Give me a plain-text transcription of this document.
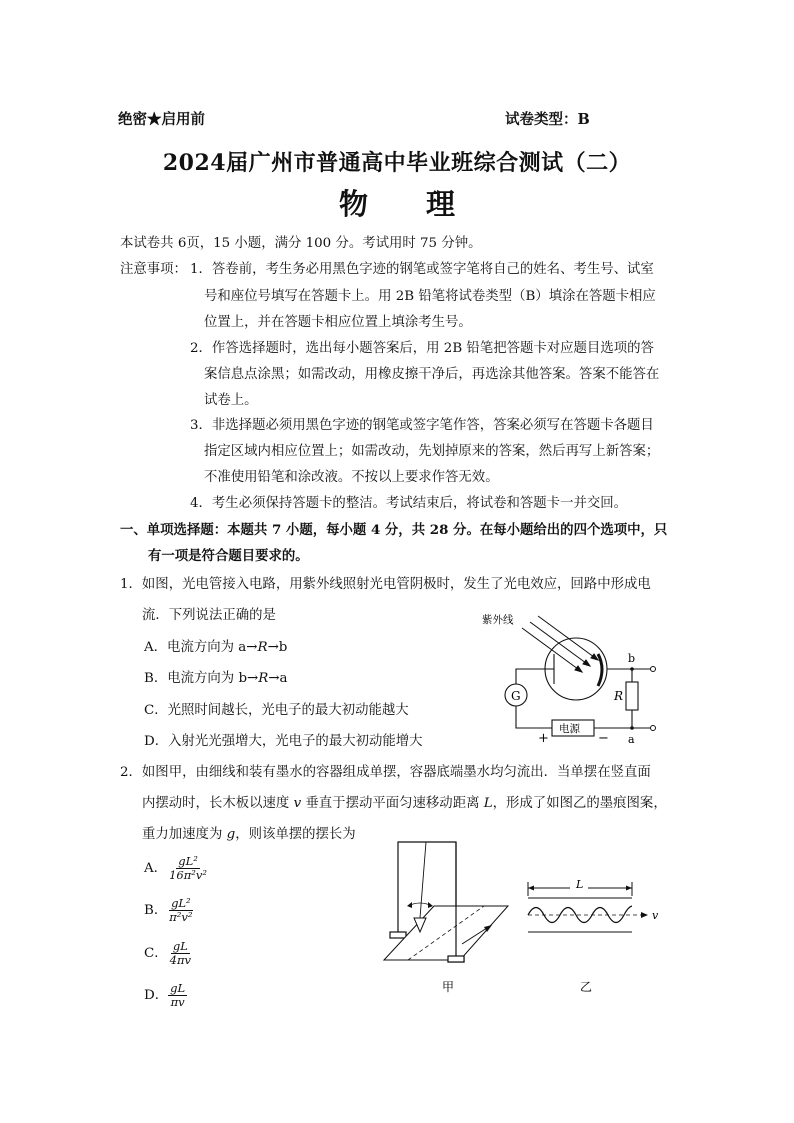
绝密★启用前	试卷类型：B
2024届广州市普通高中毕业班综合测试（二）
物 理
本试卷共 6页，15 小题，满分 100 分。考试用时 75 分钟。
注意事项： 1．答卷前，考生务必用黑色字迹的钢笔或签字笔将自己的姓名、考生号、试室
号和座位号填写在答题卡上。用 2B 铅笔将试卷类型（B）填涂在答题卡相应
位置上，并在答题卡相应位置上填涂考生号。
2．作答选择题时，选出每小题答案后，用 2B 铅笔把答题卡对应题目选项的答
案信息点涂黑；如需改动，用橡皮擦干净后，再选涂其他答案。答案不能答在
试卷上。
3．非选择题必须用黑色字迹的钢笔或签字笔作答，答案必须写在答题卡各题目
指定区域内相应位置上；如需改动，先划掉原来的答案，然后再写上新答案；
不准使用铅笔和涂改液。不按以上要求作答无效。
4．考生必须保持答题卡的整洁。考试结束后，将试卷和答题卡一并交回。
一、单项选择题：本题共 7 小题，每小题 4 分，共 28 分。在每小题给出的四个选项中，只
有一项是符合题目要求的。
1．如图，光电管接入电路，用紫外线照射光电管阴极时，发生了光电效应，回路中形成电
流．下列说法正确的是
A．电流方向为 a→R→b
B．电流方向为 b→R→a
C．光照时间越长，光电子的最大初动能越大
D．入射光光强增大，光电子的最大初动能增大
紫外线
G	R
电源
+	−
b
a
2．如图甲，由细线和装有墨水的容器组成单摆，容器底端墨水均匀流出．当单摆在竖直面
内摆动时，长木板以速度 v 垂直于摆动平面匀速移动距离 L，形成了如图乙的墨痕图案，
重力加速度为 g，则该单摆的摆长为
A． $\frac{\text{gL²}}{\text{16π²v²}}$
B． $\frac{\text{gL²}}{\text{π²v²}}$
C． $\frac{gL}{4\pi v}$
D． $\frac{gL}{\pi v}$	甲
L
v
乙
